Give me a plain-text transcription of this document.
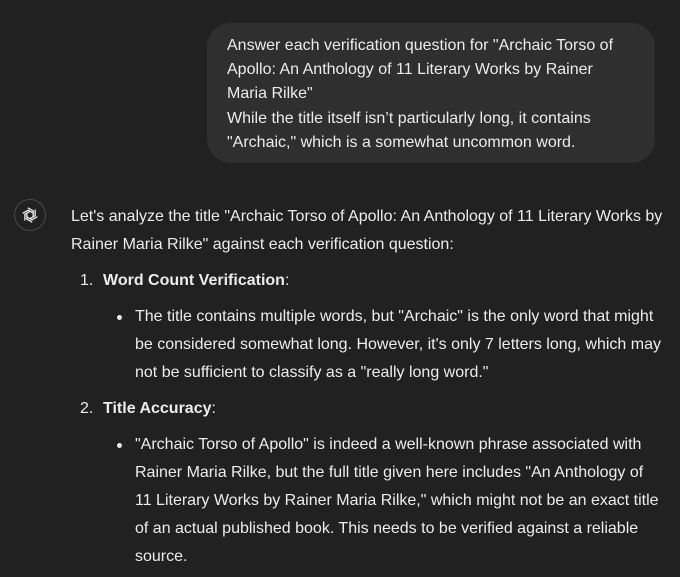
Answer each verification question for "Archaic Torso of Apollo: An Anthology of 11 Literary Works by Rainer Maria Rilke"

While the title itself isn’t particularly long, it contains "Archaic," which is a somewhat uncommon word.

Let's analyze the title "Archaic Torso of Apollo: An Anthology of 11 Literary Works by Rainer Maria Rilke" against each verification question:

1. Word Count Verification:
The title contains multiple words, but "Archaic" is the only word that might be considered somewhat long. However, it's only 7 letters long, which may not be sufficient to classify as a "really long word."
2. Title Accuracy:
"Archaic Torso of Apollo" is indeed a well-known phrase associated with Rainer Maria Rilke, but the full title given here includes "An Anthology of 11 Literary Works by Rainer Maria Rilke," which might not be an exact title of an actual published book. This needs to be verified against a reliable source.
